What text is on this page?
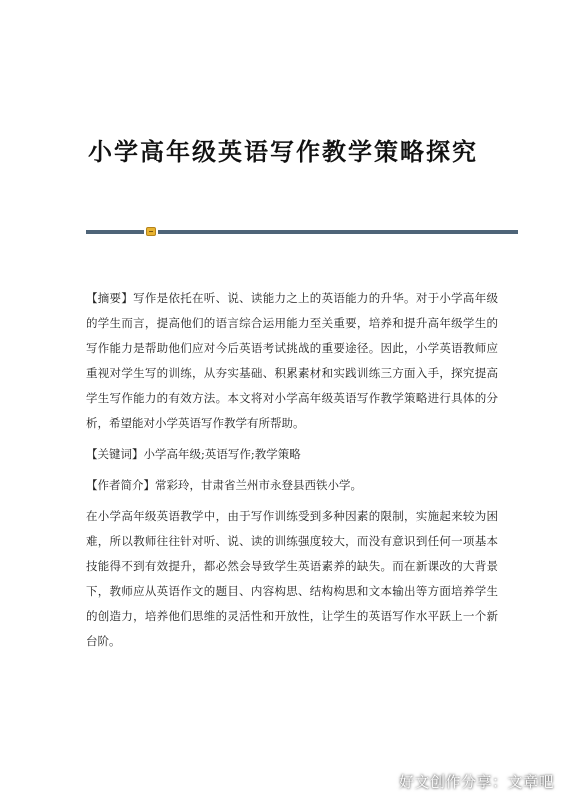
小学高年级英语写作教学策略探究

【摘要】写作是依托在听、说、读能力之上的英语能力的升华。对于小学高年级的学生而言，提高他们的语言综合运用能力至关重要，培养和提升高年级学生的写作能力是帮助他们应对今后英语考试挑战的重要途径。因此，小学英语教师应重视对学生写的训练，从夯实基础、积累素材和实践训练三方面入手，探究提高学生写作能力的有效方法。本文将对小学高年级英语写作教学策略进行具体的分析，希望能对小学英语写作教学有所帮助。

【关键词】小学高年级;英语写作;教学策略

【作者简介】常彩玲，甘肃省兰州市永登县西铁小学。

在小学高年级英语教学中，由于写作训练受到多种因素的限制，实施起来较为困难，所以教师往往针对听、说、读的训练强度较大，而没有意识到任何一项基本技能得不到有效提升，都必然会导致学生英语素养的缺失。而在新课改的大背景下，教师应从英语作文的题目、内容构思、结构构思和文本输出等方面培养学生的创造力，培养他们思维的灵活性和开放性，让学生的英语写作水平跃上一个新台阶。

好文创作分享：文章吧
